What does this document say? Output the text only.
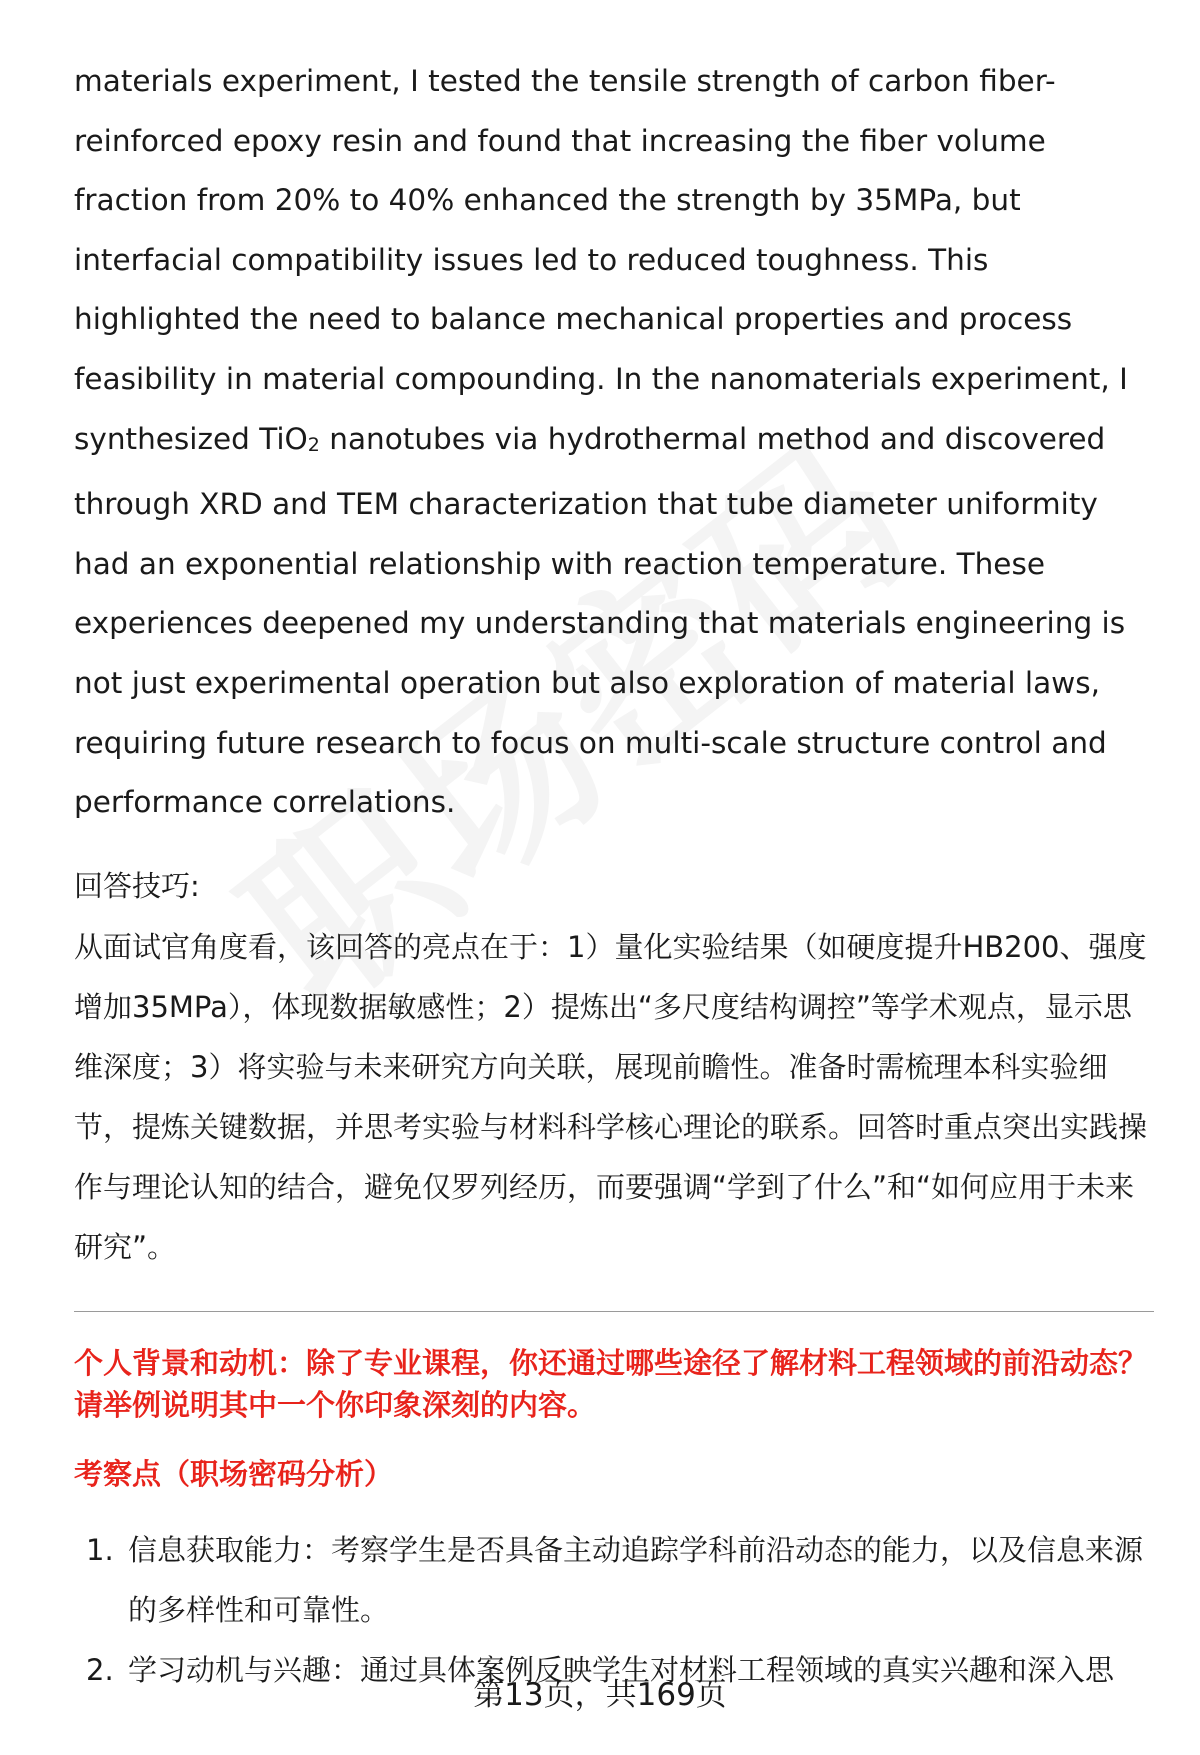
materials experiment, I tested the tensile strength of carbon fiber-reinforced epoxy resin and found that increasing the fiber volume fraction from 20% to 40% enhanced the strength by 35MPa, but interfacial compatibility issues led to reduced toughness. This highlighted the need to balance mechanical properties and process feasibility in material compounding. In the nanomaterials experiment, I synthesized TiO2 nanotubes via hydrothermal method and discovered through XRD and TEM characterization that tube diameter uniformity had an exponential relationship with reaction temperature. These experiences deepened my understanding that materials engineering is not just experimental operation but also exploration of material laws, requiring future research to focus on multi-scale structure control and performance correlations.

回答技巧:

从面试官角度看，该回答的亮点在于：1）量化实验结果（如硬度提升HB200、强度增加35MPa），体现数据敏感性；2）提炼出“多尺度结构调控”等学术观点，显示思维深度；3）将实验与未来研究方向关联，展现前瞻性。准备时需梳理本科实验细节，提炼关键数据，并思考实验与材料科学核心理论的联系。回答时重点突出实践操作与理论认知的结合，避免仅罗列经历，而要强调“学到了什么”和“如何应用于未来研究”。

个人背景和动机：除了专业课程，你还通过哪些途径了解材料工程领域的前沿动态？请举例说明其中一个你印象深刻的内容。
考察点（职场密码分析）
1. 信息获取能力：考察学生是否具备主动追踪学科前沿动态的能力，以及信息来源的多样性和可靠性。
2. 学习动机与兴趣：通过具体案例反映学生对材料工程领域的真实兴趣和深入思
第13页，共169页
